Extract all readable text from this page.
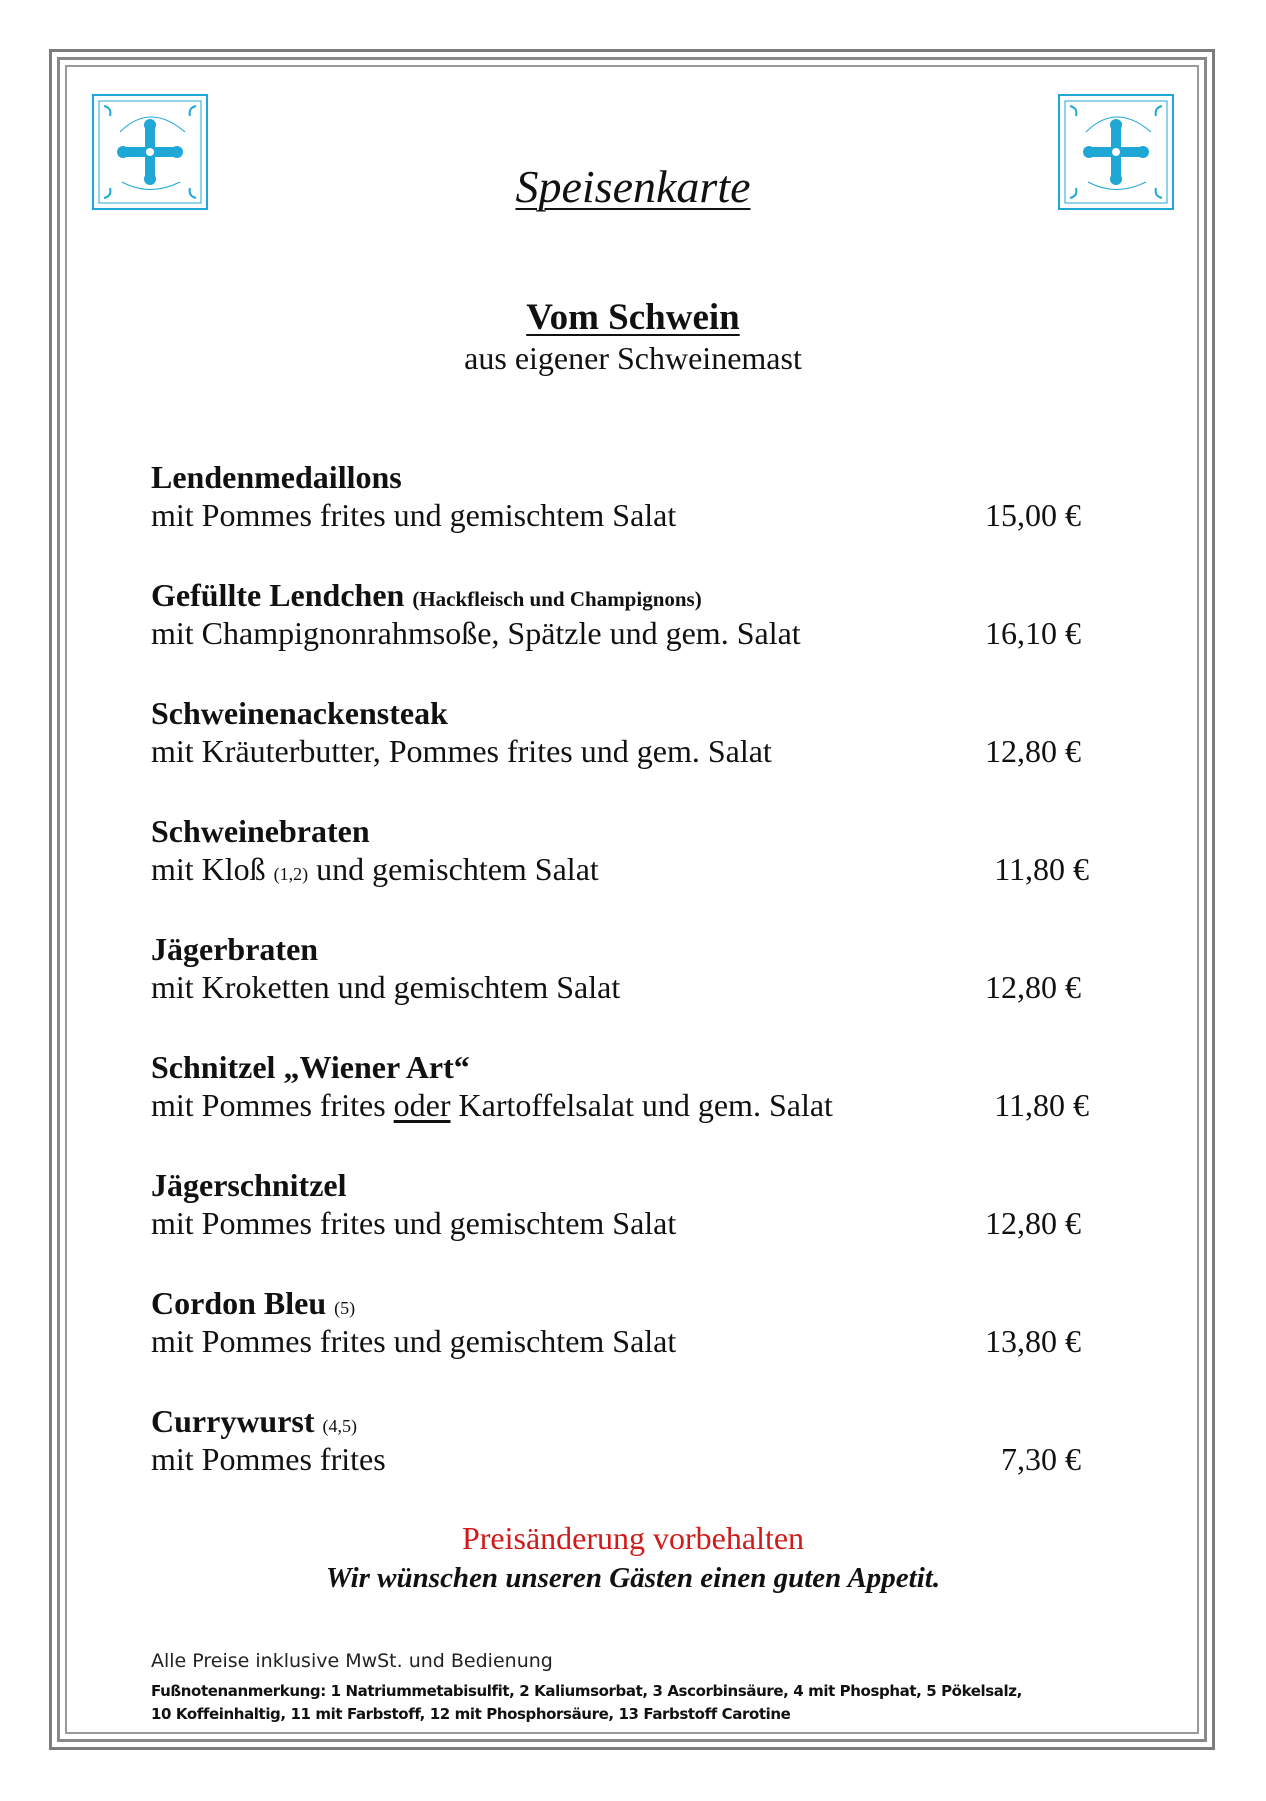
Speisenkarte
Vom Schwein
aus eigener Schweinemast
Lendenmedaillons
mit Pommes frites und gemischtem Salat	15,00 €
Gefüllte Lendchen (Hackfleisch und Champignons)
mit Champignonrahmsoße, Spätzle und gem. Salat	16,10 €
Schweinenackensteak
mit Kräuterbutter, Pommes frites und gem. Salat	12,80 €
Schweinebraten
mit Kloß (1,2) und gemischtem Salat	11,80 €
Jägerbraten
mit Kroketten und gemischtem Salat	12,80 €
Schnitzel „Wiener Art“
mit Pommes frites oder Kartoffelsalat und gem. Salat	11,80 €
Jägerschnitzel
mit Pommes frites und gemischtem Salat	12,80 €
Cordon Bleu (5)
mit Pommes frites und gemischtem Salat	13,80 €
Currywurst (4,5)
mit Pommes frites	7,30 €
Preisänderung vorbehalten
Wir wünschen unseren Gästen einen guten Appetit.
Alle Preise inklusive MwSt. und Bedienung
Fußnotenanmerkung: 1 Natriummetabisulfit, 2 Kaliumsorbat, 3 Ascorbinsäure, 4 mit Phosphat, 5 Pökelsalz,
10 Koffeinhaltig, 11 mit Farbstoff, 12 mit Phosphorsäure, 13 Farbstoff Carotine
